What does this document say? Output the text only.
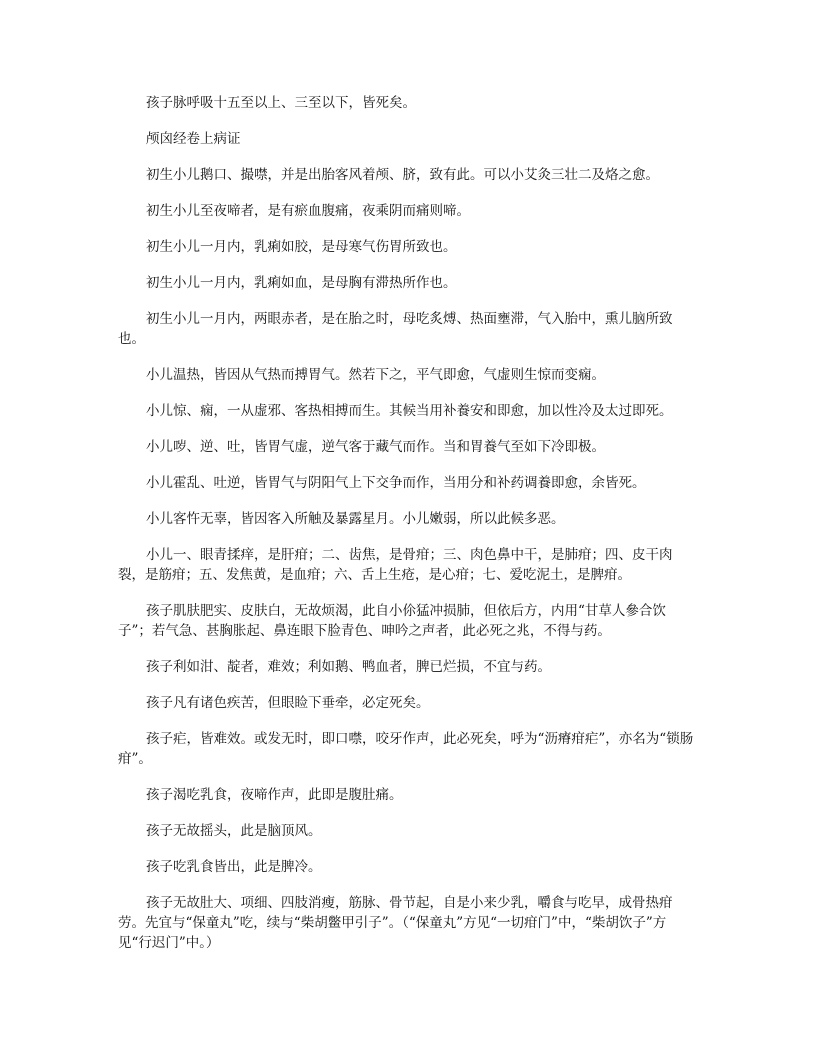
孩子脉呼吸十五至以上、三至以下，皆死矣。

颅囟经卷上病证

初生小儿鹅口、撮噤，并是出胎客风着颅、脐，致有此。可以小艾灸三壮二及烙之愈。

初生小儿至夜啼者，是有瘀血腹痛，夜乘阴而痛则啼。

初生小儿一月内，乳痢如胶，是母寒气伤胃所致也。

初生小儿一月内，乳痢如血，是母胸有滞热所作也。

初生小儿一月内，两眼赤者，是在胎之时，母吃炙煿、热面壅滞，气入胎中，熏儿脑所致也。

小儿温热，皆因从气热而搏胃气。然若下之，平气即愈，气虚则生惊而变痫。

小儿惊、痫，一从虚邪、客热相搏而生。其候当用补養安和即愈，加以性冷及太过即死。

小儿哕、逆、吐，皆胃气虚，逆气客于藏气而作。当和胃養气至如下冷即极。

小儿霍乱、吐逆，皆胃气与阴阳气上下交争而作，当用分和补药调養即愈，余皆死。

小儿客忤无辜，皆因客入所触及暴露星月。小儿嫩弱，所以此候多恶。

小儿一、眼青揉痒，是肝疳；二、齿焦，是骨疳；三、肉色鼻中干，是肺疳；四、皮干肉裂，是筋疳；五、发焦黄，是血疳；六、舌上生疮，是心疳；七、爱吃泥土，是脾疳。

孩子肌肤肥实、皮肤白，无故烦渴，此自小伱猛冲损肺，但依后方，内用“甘草人參合饮子”；若气急、甚胸胀起、鼻连眼下脸青色、呻吟之声者，此必死之兆，不得与药。

孩子利如泔、靛者，难效；利如鹅、鸭血者，脾已烂损，不宜与药。

孩子凡有诸色疾苦，但眼睑下垂牵，必定死矣。

孩子疟，皆难效。或发无时，即口噤，咬牙作声，此必死矣，呼为“沥瘠疳疟”，亦名为“锁肠疳”。

孩子渴吃乳食，夜啼作声，此即是腹肚痛。

孩子无故摇头，此是脑顶风。

孩子吃乳食皆出，此是脾冷。

孩子无故肚大、项细、四肢消瘦，筋脉、骨节起，自是小来少乳，嚼食与吃早，成骨热疳劳。先宜与“保童丸”吃，续与“柴胡鳖甲引子”。（“保童丸”方见“一切疳门”中，“柴胡饮子”方见“行迟门”中。）
